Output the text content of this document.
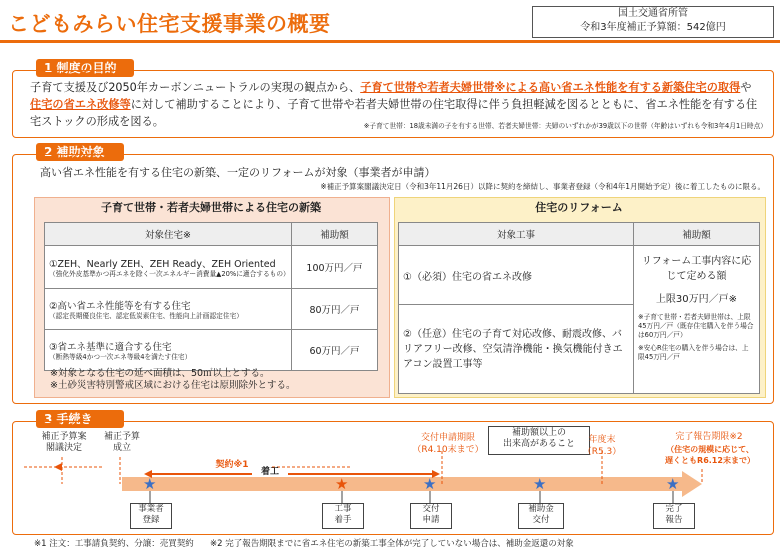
こどもみらい住宅支援事業の概要	国土交通省所管
令和3年度補正予算額：542億円
1 制度の目的
子育て支援及び2050年カーボンニュートラルの実現の観点から、子育て世帯や若者夫婦世帯※による高い省エネ性能を有する新築住宅の取得や住宅の省エネ改修等に対して補助することにより、子育て世帯や若者夫婦世帯の住宅取得に伴う負担軽減を図るとともに、省エネ性能を有する住宅ストックの形成を図る。	※子育て世帯：18歳未満の子を有する世帯、若者夫婦世帯：夫婦のいずれかが39歳以下の世帯（年齢はいずれも令和3年4月1日時点）
2 補助対象
高い省エネ性能を有する住宅の新築、一定のリフォームが対象（事業者が申請）
※補正予算案閣議決定日（令和3年11月26日）以降に契約を締結し、事業者登録（令和4年1月開始予定）後に着工したものに限る。
子育て世帯・若者夫婦世帯による住宅の新築
対象住宅※	補助額

①ZEH、Nearly ZEH、ZEH Ready、ZEH Oriented
（強化外皮基準かつ再エネを除く一次エネルギー消費量▲20%に適合するもの）	100万円／戸

②高い省エネ性能等を有する住宅
（認定長期優良住宅、認定低炭素住宅、性能向上計画認定住宅）	80万円／戸

③省エネ基準に適合する住宅
（断熱等級4かつ一次エネ等級4を満たす住宅）	60万円／戸
※対象となる住宅の延べ面積は、50㎡以上とする。
※土砂災害特別警戒区域における住宅は原則除外とする。
住宅のリフォーム
対象工事	補助額
①（必須）住宅の省エネ改修	リフォーム工事内容に応じて定める額
上限30万円／戸※
※子育て世帯・若者夫婦世帯は、上限45万円／戸（既存住宅購入を伴う場合は60万円／戸）
※安心R住宅の購入を伴う場合は、上限45万円／戸

②（任意）住宅の子育て対応改修、耐震改修、バリアフリー改修、空気清浄機能・換気機能付きエアコン設置工事等	
3 手続き
★	★	★	★	★
補正予算案
閣議決定
補正予算
成立
契約※1
着工
交付申請期限
（R4.10末まで）
補助額以上の
出来高があること	年度末
（R5.3）
完了報告期限※2
（住宅の規模に応じて、
遅くともR6.12末まで）
事業者
登録
工事
着手
交付
申請
補助金
交付
完了
報告
※1 注文：工事請負契約、分譲：売買契約 ※2 完了報告期限までに省エネ住宅の新築工事全体が完了していない場合は、補助金返還の対象
